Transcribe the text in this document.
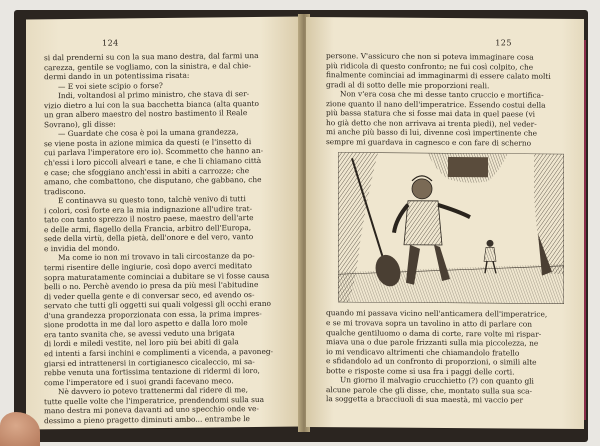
124
si dal prenderni su con la sua mano destra, dal farmi una
carezza, gentile se vogliamo, con la sinistra, e dal chie-
dermi dando in un potentissima risata:
— E voi siete scipio o forse?
Indi, voltandosi al primo ministro, che stava di ser-
vizio dietro a lui con la sua bacchetta bianca (alta quanto
un gran albero maestro del nostro bastimento il Reale
Sovrano), gli disse:
— Guardate che cosa è poi la umana grandezza,
se viene posta in azione mimica da questi (e l'insetto di
cui parlava l'imperatore ero io). Scommetto che hanno an-
ch'essi i loro piccoli alveari e tane, e che li chiamano città
e case; che sfoggiano anch'essi in abiti a carrozze; che
amano, che combattono, che disputano, che gabbano, che
tradiscono.
E continavva su questo tono, talchè venivo di tutti
i colori, così forte era la mia indignazione all'udire trat-
tato con tanto sprezzo il nostro paese, maestro dell'arte
e delle armi, flagello della Francia, arbitro dell'Europa,
sede della virtù, della pietà, dell'onore e del vero, vanto
e invidia del mondo.
Ma come io non mi trovavo in tali circostanze da po-
termi risentire delle ingiurie, così dopo averci meditato
sopra maturatamente cominciai a dubitare se vi fosse causa
belli o no. Perchè avendo io presa da più mesi l'abitudine
di veder quella gente e di conversar seco, ed avendo os-
servato che tutti gli oggetti sui quali volgessi gli occhi erano
d'una grandezza proporzionata con essa, la prima impres-
sione prodotta in me dal loro aspetto e dalla loro mole
era tanto svanita che, se avessi veduto una brigata
di lordi e miledi vestite, nel loro più bei abiti di gala
ed intenti a farsi inchini e complimenti a vicenda, a pavoneg-
giarsi ed intrattenersi in cortigianesco cicaleccio, mi sa-
rebbe venuta una fortissima tentazione di ridermi di loro,
come l'imperatore ed i suoi grandi facevano meco.
Nè davvero io potevo trattenermi dal ridere di me,
tutte quelle volte che l'imperatrice, prendendomi sulla sua
mano destra mi poneva davanti ad uno specchio onde ve-
dessimo a pieno pragetto diminuti ambo... entrambe le
125
persone. V'assicuro che non si poteva immaginare cosa
più ridicola di questo confronto; ne fui così colpito, che
finalmente cominciai ad immaginarmi di essere calato molti
gradi al di sotto delle mie proporzioni reali.
Non v'era cosa che mi desse tanto cruccio e mortifica-
zione quanto il nano dell'imperatrice. Essendo costui della
più bassa statura che si fosse mai data in quel paese (vi
ho già detto che non arrivava ai trenta piedi), nel veder-
mi anche più basso di lui, divenne così impertinente che
sempre mi guardava in cagnesco e con fare di scherno
quando mi passava vicino nell'anticamera dell'imperatrice,
e se mi trovava sopra un tavolino in atto di parlare con
qualche gentiluomo o dama di corte, rare volte mi rispar-
miava una o due parole frizzanti sulla mia piccolezza, ne
io mi vendicavo altrimenti che chiamandolo fratello
e sfidandolo ad un confronto di proporzioni, o simili alte
botte e risposte come si usa fra i paggi delle corti.
Un giorno il malvagio crucchietto (?) con quanto gli
alcune parole che gli disse, che, montato sulla sua sca-
la soggetta a bracciuoli di sua maestà, mi vaccio per
